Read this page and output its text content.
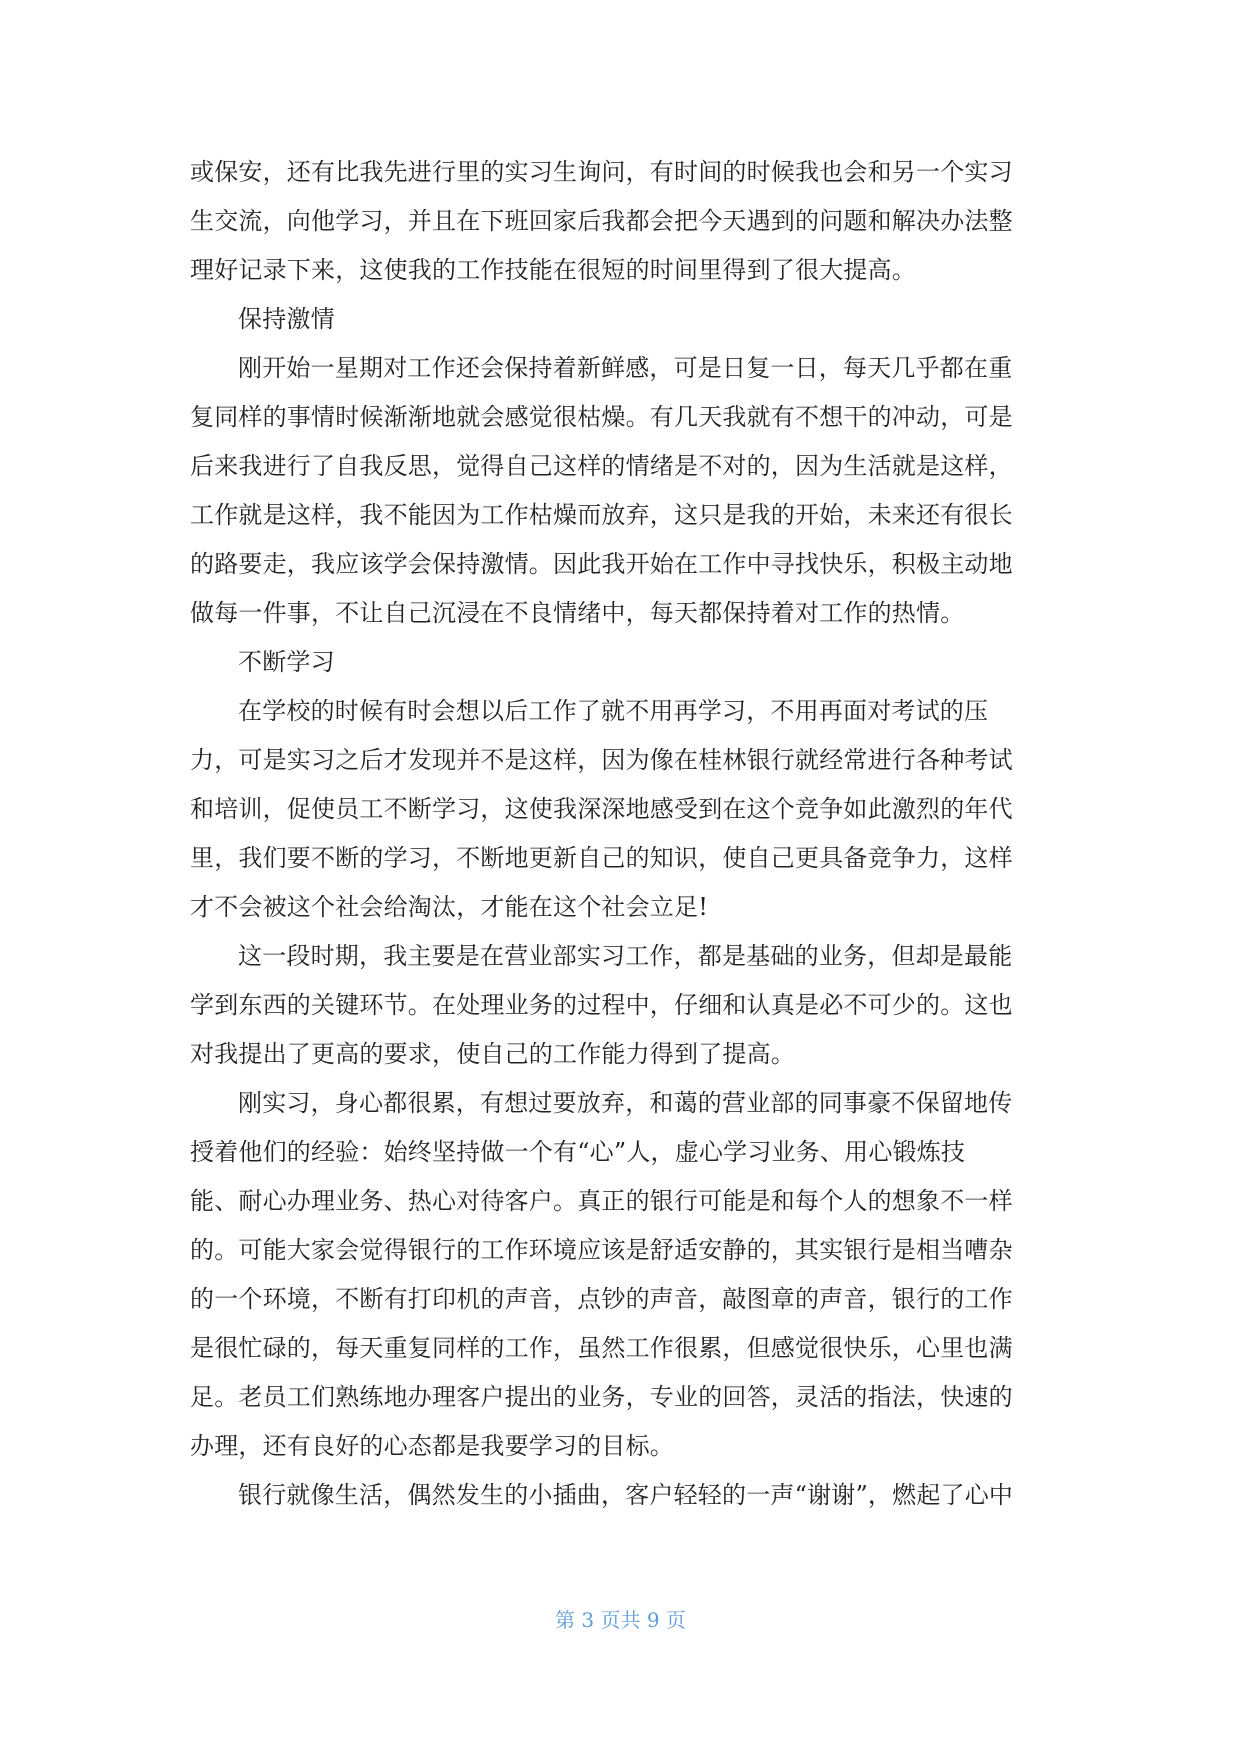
或保安，还有比我先进行里的实习生询问，有时间的时候我也会和另一个实习
生交流，向他学习，并且在下班回家后我都会把今天遇到的问题和解决办法整
理好记录下来，这使我的工作技能在很短的时间里得到了很大提高。
保持激情
刚开始一星期对工作还会保持着新鲜感，可是日复一日，每天几乎都在重
复同样的事情时候渐渐地就会感觉很枯燥。有几天我就有不想干的冲动，可是
后来我进行了自我反思，觉得自己这样的情绪是不对的，因为生活就是这样，
工作就是这样，我不能因为工作枯燥而放弃，这只是我的开始，未来还有很长
的路要走，我应该学会保持激情。因此我开始在工作中寻找快乐，积极主动地
做每一件事，不让自己沉浸在不良情绪中，每天都保持着对工作的热情。
不断学习
在学校的时候有时会想以后工作了就不用再学习，不用再面对考试的压
力，可是实习之后才发现并不是这样，因为像在桂林银行就经常进行各种考试
和培训，促使员工不断学习，这使我深深地感受到在这个竞争如此激烈的年代
里，我们要不断的学习，不断地更新自己的知识，使自己更具备竞争力，这样
才不会被这个社会给淘汰，才能在这个社会立足!
这一段时期，我主要是在营业部实习工作，都是基础的业务，但却是最能
学到东西的关键环节。在处理业务的过程中，仔细和认真是必不可少的。这也
对我提出了更高的要求，使自己的工作能力得到了提高。
刚实习，身心都很累，有想过要放弃，和蔼的营业部的同事豪不保留地传
授着他们的经验：始终坚持做一个有“心”人，虚心学习业务、用心锻炼技
能、耐心办理业务、热心对待客户。真正的银行可能是和每个人的想象不一样
的。可能大家会觉得银行的工作环境应该是舒适安静的，其实银行是相当嘈杂
的一个环境，不断有打印机的声音，点钞的声音，敲图章的声音，银行的工作
是很忙碌的，每天重复同样的工作，虽然工作很累，但感觉很快乐，心里也满
足。老员工们熟练地办理客户提出的业务，专业的回答，灵活的指法，快速的
办理，还有良好的心态都是我要学习的目标。
银行就像生活，偶然发生的小插曲，客户轻轻的一声“谢谢”，燃起了心中
第 3 页共 9 页
